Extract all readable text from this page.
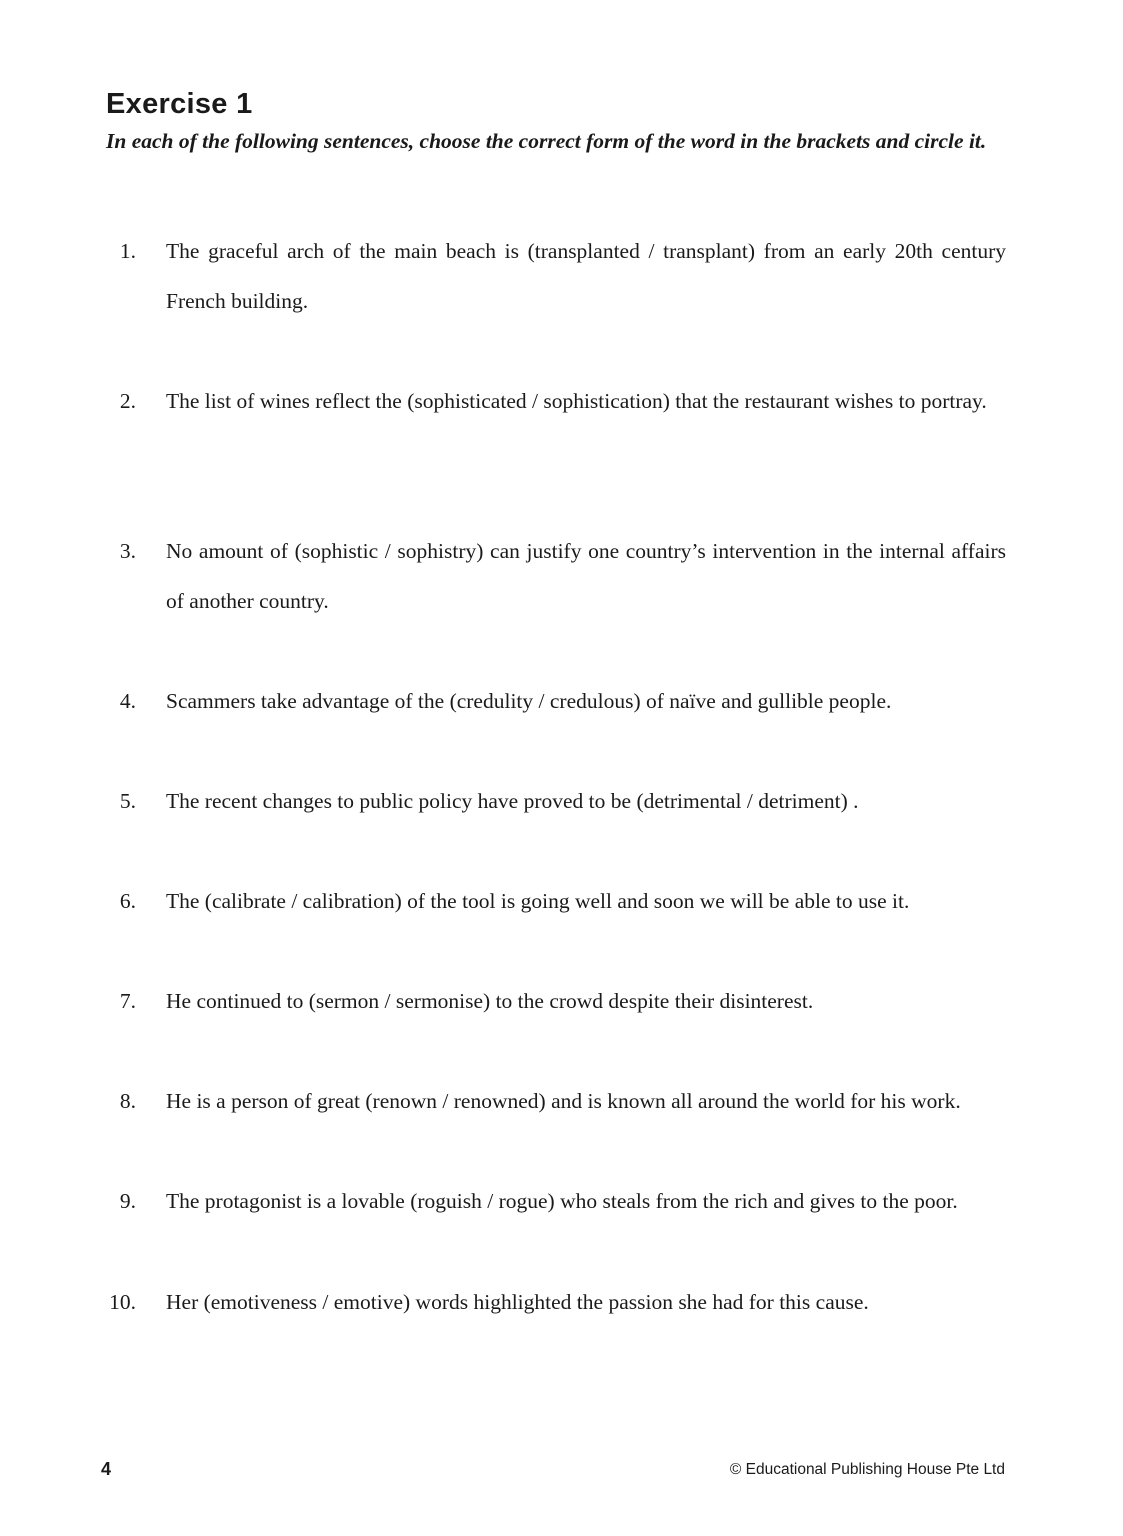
Exercise 1

In each of the following sentences, choose the correct form of the word in the brackets and circle it.

1. The graceful arch of the main beach is (transplanted / transplant) from an early 20th century French building.
2. The list of wines reflect the (sophisticated / sophistication) that the restaurant wishes to portray.
3. No amount of (sophistic / sophistry) can justify one country’s intervention in the internal affairs of another country.
4. Scammers take advantage of the (credulity / credulous) of naïve and gullible people.
5. The recent changes to public policy have proved to be (detrimental / detriment) .
6. The (calibrate / calibration) of the tool is going well and soon we will be able to use it.
7. He continued to (sermon / sermonise) to the crowd despite their disinterest.
8. He is a person of great (renown / renowned) and is known all around the world for his work.
9. The protagonist is a lovable (roguish / rogue) who steals from the rich and gives to the poor.
10. Her (emotiveness / emotive) words highlighted the passion she had for this cause.
4	© Educational Publishing House Pte Ltd
